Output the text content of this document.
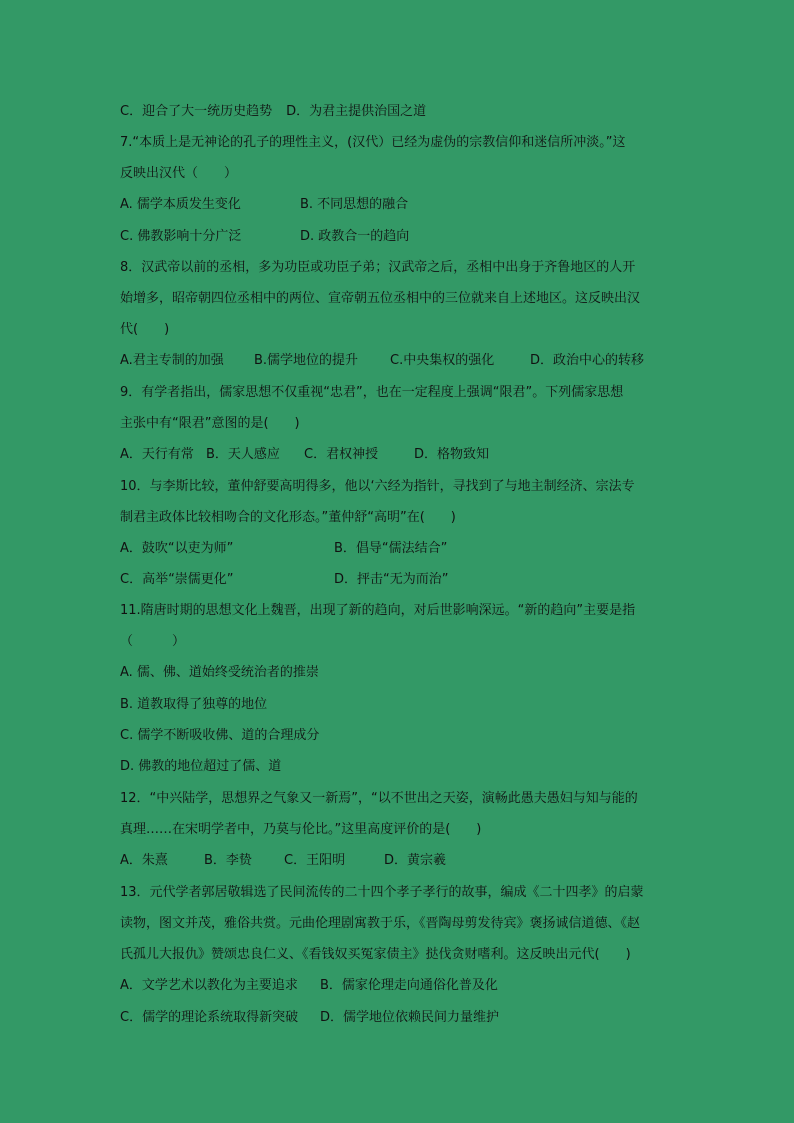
C．迎合了大一统历史趋势 D．为君主提供治国之道
7.“本质上是无神论的孔子的理性主义，(汉代）已经为虚伪的宗教信仰和迷信所冲淡。”这
反映出汉代（　　）
A. 儒学本质发生变化	B. 不同思想的融合
C. 佛教影响十分广泛	D. 政教合一的趋向
8．汉武帝以前的丞相，多为功臣或功臣子弟；汉武帝之后，丞相中出身于齐鲁地区的人开
始增多，昭帝朝四位丞相中的两位、宣帝朝五位丞相中的三位就来自上述地区。这反映出汉
代(　　)
A.君主专制的加强 B.儒学地位的提升 C.中央集权的强化	D．政治中心的转移
9．有学者指出，儒家思想不仅重视“忠君”，也在一定程度上强调“限君”。下列儒家思想
主张中有“限君”意图的是(　　)
A．天行有常 B．天人感应 C．君权神授	D．格物致知
10．与李斯比较，董仲舒要高明得多，他以‘六经为指针，寻找到了与地主制经济、宗法专
制君主政体比较相吻合的文化形态。”董仲舒“高明”在(　　)
A．鼓吹“以吏为师”	B．倡导“儒法结合”
C．高举“崇儒更化”	D．抨击“无为而治”
11.隋唐时期的思想文化上魏晋，出现了新的趋向，对后世影响深远。“新的趋向”主要是指
（　　　）
A. 儒、佛、道始终受统治者的推崇
B. 道教取得了独尊的地位
C. 儒学不断吸收佛、道的合理成分
D. 佛教的地位超过了儒、道
12．“中兴陆学，思想界之气象又一新焉”，“以不世出之天姿，演畅此愚夫愚妇与知与能的
真理……在宋明学者中，乃莫与伦比。”这里高度评价的是(　　)
A．朱熹	B．李贽 C．王阳明	D．黄宗羲
13．元代学者郭居敬辑选了民间流传的二十四个孝子孝行的故事，编成《二十四孝》的启蒙
读物，图文并茂，雅俗共赏。元曲伦理剧寓教于乐，《晋陶母剪发待宾》褒扬诚信道德、《赵
氏孤儿大报仇》赞颂忠良仁义、《看钱奴买冤家债主》挞伐贪财嗜利。这反映出元代(　　)
A．文学艺术以教化为主要追求 B．儒家伦理走向通俗化普及化
C．儒学的理论系统取得新突破 D．儒学地位依赖民间力量维护
